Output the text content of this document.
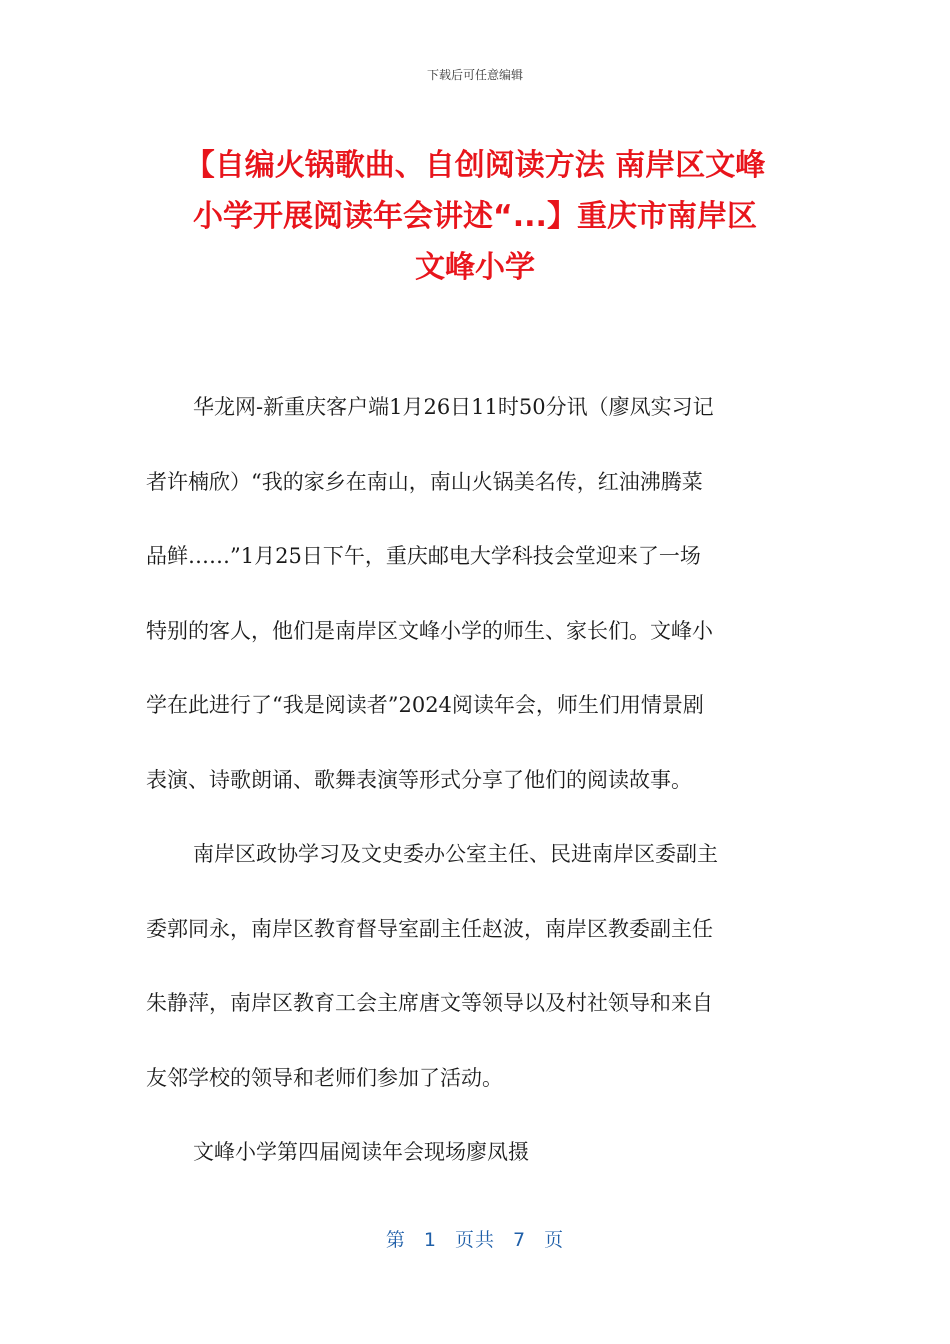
下载后可任意编辑
【自编火锅歌曲、自创阅读方法 南岸区文峰
小学开展阅读年会讲述“...】重庆市南岸区
文峰小学
华龙网-新重庆客户端1月26日11时50分讯（廖凤实习记
者许楠欣）“我的家乡在南山，南山火锅美名传，红油沸腾菜
品鲜……”1月25日下午，重庆邮电大学科技会堂迎来了一场
特别的客人，他们是南岸区文峰小学的师生、家长们。文峰小
学在此进行了“我是阅读者”2024阅读年会，师生们用情景剧
表演、诗歌朗诵、歌舞表演等形式分享了他们的阅读故事。
南岸区政协学习及文史委办公室主任、民进南岸区委副主
委郭同永，南岸区教育督导室副主任赵波，南岸区教委副主任
朱静萍，南岸区教育工会主席唐文等领导以及村社领导和来自
友邻学校的领导和老师们参加了活动。
文峰小学第四届阅读年会现场廖凤摄
第 1 页共 7 页
